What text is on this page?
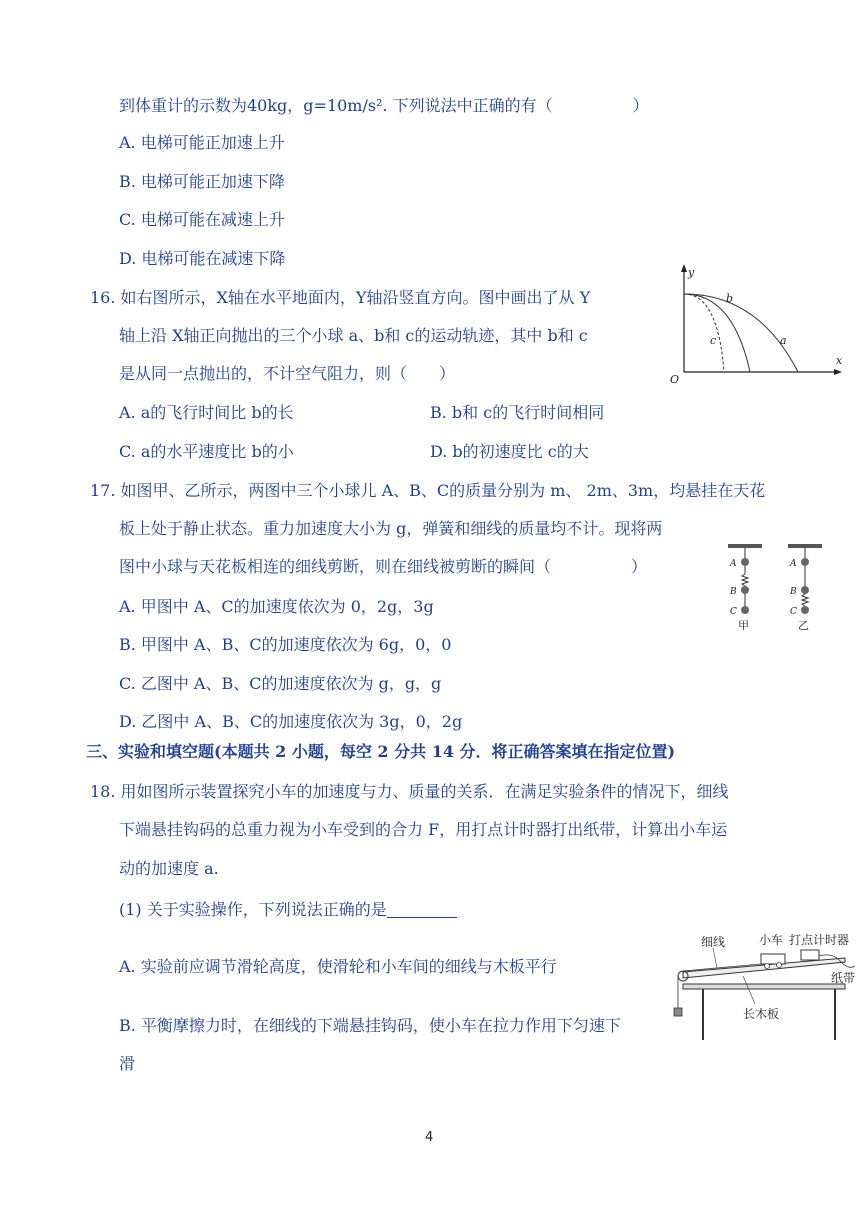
到体重计的示数为40kg，g=10m/s². 下列说法中正确的有（　　　　　）
A. 电梯可能正加速上升
B. 电梯可能正加速下降
C. 电梯可能在减速上升
D. 电梯可能在减速下降
16. 如右图所示，X轴在水平地面内，Y轴沿竖直方向。图中画出了从 Y
轴上沿 X轴正向抛出的三个小球 a、b和 c的运动轨迹，其中 b和 c
是从同一点抛出的，不计空气阻力，则（　　）
A. a的飞行时间比 b的长	B. b和 c的飞行时间相同
C. a的水平速度比 b的小	D. b的初速度比 c的大
y
x
O
b
c	a
17. 如图甲、乙所示，两图中三个小球儿 A、B、C的质量分别为 m、 2m、3m，均悬挂在天花
板上处于静止状态。重力加速度大小为 g，弹簧和细线的质量均不计。现将两
图中小球与天花板相连的细线剪断，则在细线被剪断的瞬间（　　　　　）
A. 甲图中 A、C的加速度依次为 0，2g，3g
B. 甲图中 A、B、C的加速度依次为 6g，0，0
C. 乙图中 A、B、C的加速度依次为 g，g，g
D. 乙图中 A、B、C的加速度依次为 3g，0，2g
A
B
C
甲
A
B
C
乙
三、实验和填空题(本题共 2 小题，每空 2 分共 14 分．将正确答案填在指定位置)
18. 用如图所示装置探究小车的加速度与力、质量的关系．在满足实验条件的情况下，细线
下端悬挂钩码的总重力视为小车受到的合力 F，用打点计时器打出纸带，计算出小车运
动的加速度 a.
(1) 关于实验操作，下列说法正确的是
A. 实验前应调节滑轮高度，使滑轮和小车间的细线与木板平行
B. 平衡摩擦力时，在细线的下端悬挂钩码，使小车在拉力作用下匀速下
滑
细线	小车 打点计时器
纸带
长木板
4
